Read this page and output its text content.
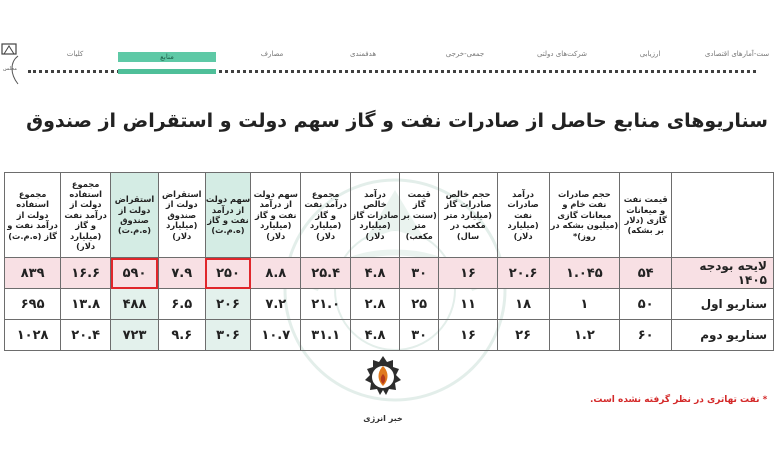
مجلس
کلیات	منابع	مصارف	هدفمندی	جمعی-خرجی	شرکت‌های دولتی	ارزیابی	ست-آمارهای اقتصادی
سناریوهای منابع حاصل از صادرات نفت و گاز سهم دولت و استقراض از صندوق
	قیمت نفت و میعانات گازی (دلار بر بشکه)	حجم صادرات نفت خام و میعانات گازی (میلیون بشکه در روز)*	درآمد صادرات نفت (میلیارد دلار)	حجم خالص صادرات گاز (میلیارد متر مکعب در سال)	قیمت گاز (سنت بر متر مکعب)	درآمد خالص صادرات گاز (میلیارد دلار)	مجموع درآمد نفت و گاز (میلیارد دلار)	سهم دولت از درآمد نفت و گاز (میلیارد دلار)	سهم دولت از درآمد نفت و گاز (ه.م.ت)	استقراض دولت از صندوق (میلیارد دلار)	استقراض دولت از صندوق (ه.م.ت)	مجموع استفاده دولت از درآمد نفت و گاز (میلیارد دلار)	مجموع استفاده دولت از درآمد نفت و گاز (ه.م.ت)
لایحه بودجه ۱۴۰۵	۵۴	۱.۰۴۵	۲۰.۶	۱۶	۳۰	۴.۸	۲۵.۴	۸.۸	۲۵۰	۷.۹	۵۹۰	۱۶.۶	۸۳۹
سناریو اول	۵۰	۱	۱۸	۱۱	۲۵	۲.۸	۲۱.۰	۷.۲	۲۰۶	۶.۵	۴۸۸	۱۳.۸	۶۹۵
سناریو دوم	۶۰	۱.۲	۲۶	۱۶	۳۰	۴.۸	۳۱.۱	۱۰.۷	۳۰۶	۹.۶	۷۲۳	۲۰.۴	۱۰۲۸
خبر انرژی
* نفت تهاتری در نظر گرفته نشده است.
